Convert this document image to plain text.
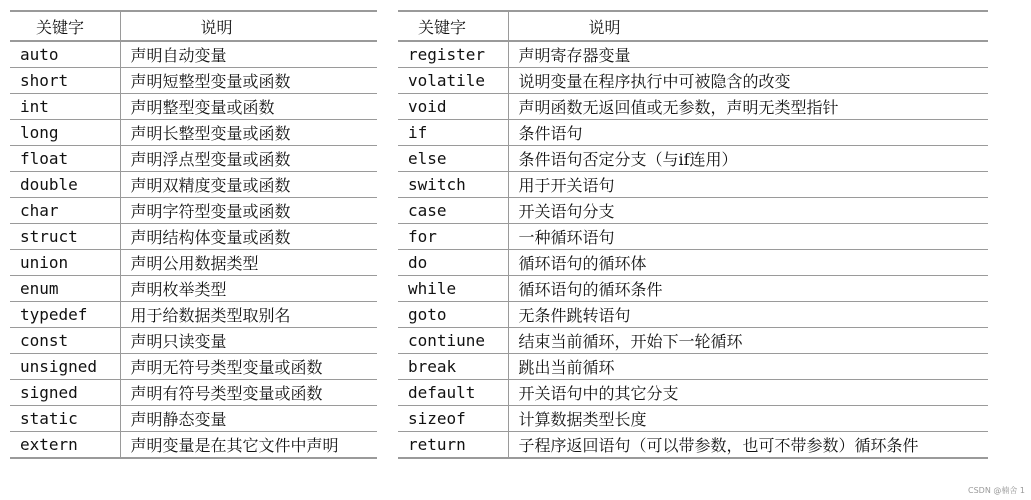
关键字	说明
auto	声明自动变量
short	声明短整型变量或函数
int	声明整型变量或函数
long	声明长整型变量或函数
float	声明浮点型变量或函数
double	声明双精度变量或函数
char	声明字符型变量或函数
struct	声明结构体变量或函数
union	声明公用数据类型
enum	声明枚举类型
typedef	用于给数据类型取别名
const	声明只读变量
unsigned	声明无符号类型变量或函数
signed	声明有符号类型变量或函数
static	声明静态变量
extern	声明变量是在其它文件中声明
关键字	说明
register	声明寄存器变量
volatile	说明变量在程序执行中可被隐含的改变
void	声明函数无返回值或无参数，声明无类型指针
if	条件语句
else	条件语句否定分支（与if连用）
switch	用于开关语句
case	开关语句分支
for	一种循环语句
do	循环语句的循环体
while	循环语句的循环条件
goto	无条件跳转语句
contiune	结束当前循环，开始下一轮循环
break	跳出当前循环
default	开关语句中的其它分支
sizeof	计算数据类型长度
return	子程序返回语句（可以带参数，也可不带参数）循环条件
CSDN @楠舍 1
